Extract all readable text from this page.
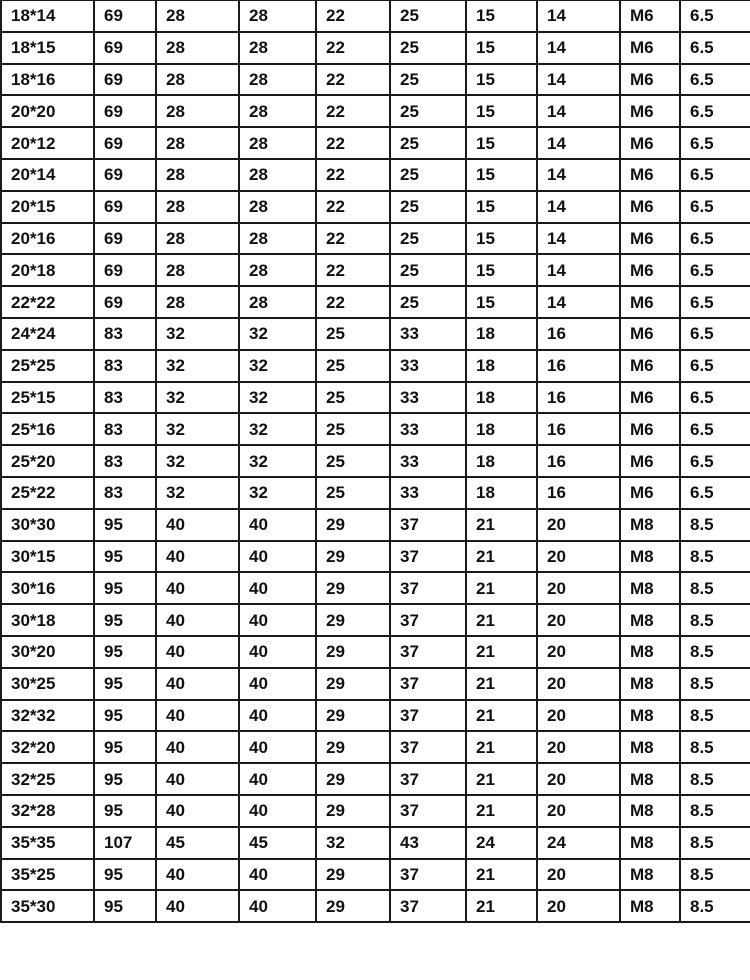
18*14	69	28	28	22	25	15	14	M6	6.5
18*15	69	28	28	22	25	15	14	M6	6.5
18*16	69	28	28	22	25	15	14	M6	6.5
20*20	69	28	28	22	25	15	14	M6	6.5
20*12	69	28	28	22	25	15	14	M6	6.5
20*14	69	28	28	22	25	15	14	M6	6.5
20*15	69	28	28	22	25	15	14	M6	6.5
20*16	69	28	28	22	25	15	14	M6	6.5
20*18	69	28	28	22	25	15	14	M6	6.5
22*22	69	28	28	22	25	15	14	M6	6.5
24*24	83	32	32	25	33	18	16	M6	6.5
25*25	83	32	32	25	33	18	16	M6	6.5
25*15	83	32	32	25	33	18	16	M6	6.5
25*16	83	32	32	25	33	18	16	M6	6.5
25*20	83	32	32	25	33	18	16	M6	6.5
25*22	83	32	32	25	33	18	16	M6	6.5
30*30	95	40	40	29	37	21	20	M8	8.5
30*15	95	40	40	29	37	21	20	M8	8.5
30*16	95	40	40	29	37	21	20	M8	8.5
30*18	95	40	40	29	37	21	20	M8	8.5
30*20	95	40	40	29	37	21	20	M8	8.5
30*25	95	40	40	29	37	21	20	M8	8.5
32*32	95	40	40	29	37	21	20	M8	8.5
32*20	95	40	40	29	37	21	20	M8	8.5
32*25	95	40	40	29	37	21	20	M8	8.5
32*28	95	40	40	29	37	21	20	M8	8.5
35*35	107	45	45	32	43	24	24	M8	8.5
35*25	95	40	40	29	37	21	20	M8	8.5
35*30	95	40	40	29	37	21	20	M8	8.5
